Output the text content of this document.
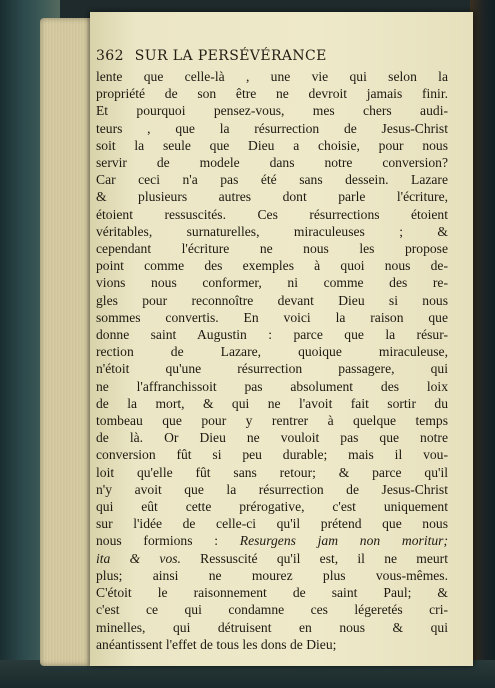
362 SUR LA PERSÉVÉRANCE
lente que celle-là , une vie qui selon la
propriété de son être ne devroit jamais finir.
Et pourquoi pensez-vous, mes chers audi-
teurs , que la résurrection de Jesus-Christ
soit la seule que Dieu a choisie, pour nous
servir de modele dans notre conversion?
Car ceci n'a pas été sans dessein. Lazare
& plusieurs autres dont parle l'écriture,
étoient ressuscités. Ces résurrections étoient
véritables, surnaturelles, miraculeuses ; &
cependant l'écriture ne nous les propose
point comme des exemples à quoi nous de-
vions nous conformer, ni comme des re-
gles pour reconnoître devant Dieu si nous
sommes convertis. En voici la raison que
donne saint Augustin : parce que la résur-
rection de Lazare, quoique miraculeuse,
n'étoit qu'une résurrection passagere, qui
ne l'affranchissoit pas absolument des loix
de la mort, & qui ne l'avoit fait sortir du
tombeau que pour y rentrer à quelque temps
de là. Or Dieu ne vouloit pas que notre
conversion fût si peu durable; mais il vou-
loit qu'elle fût sans retour; & parce qu'il
n'y avoit que la résurrection de Jesus-Christ
qui eût cette prérogative, c'est uniquement
sur l'idée de celle-ci qu'il prétend que nous
nous formions : Resurgens jam non moritur;
ita & vos. Ressuscité qu'il est, il ne meurt
plus; ainsi ne mourez plus vous-mêmes.
C'étoit le raisonnement de saint Paul; &
c'est ce qui condamne ces légeretés cri-
minelles, qui détruisent en nous & qui
anéantissent l'effet de tous les dons de Dieu;
